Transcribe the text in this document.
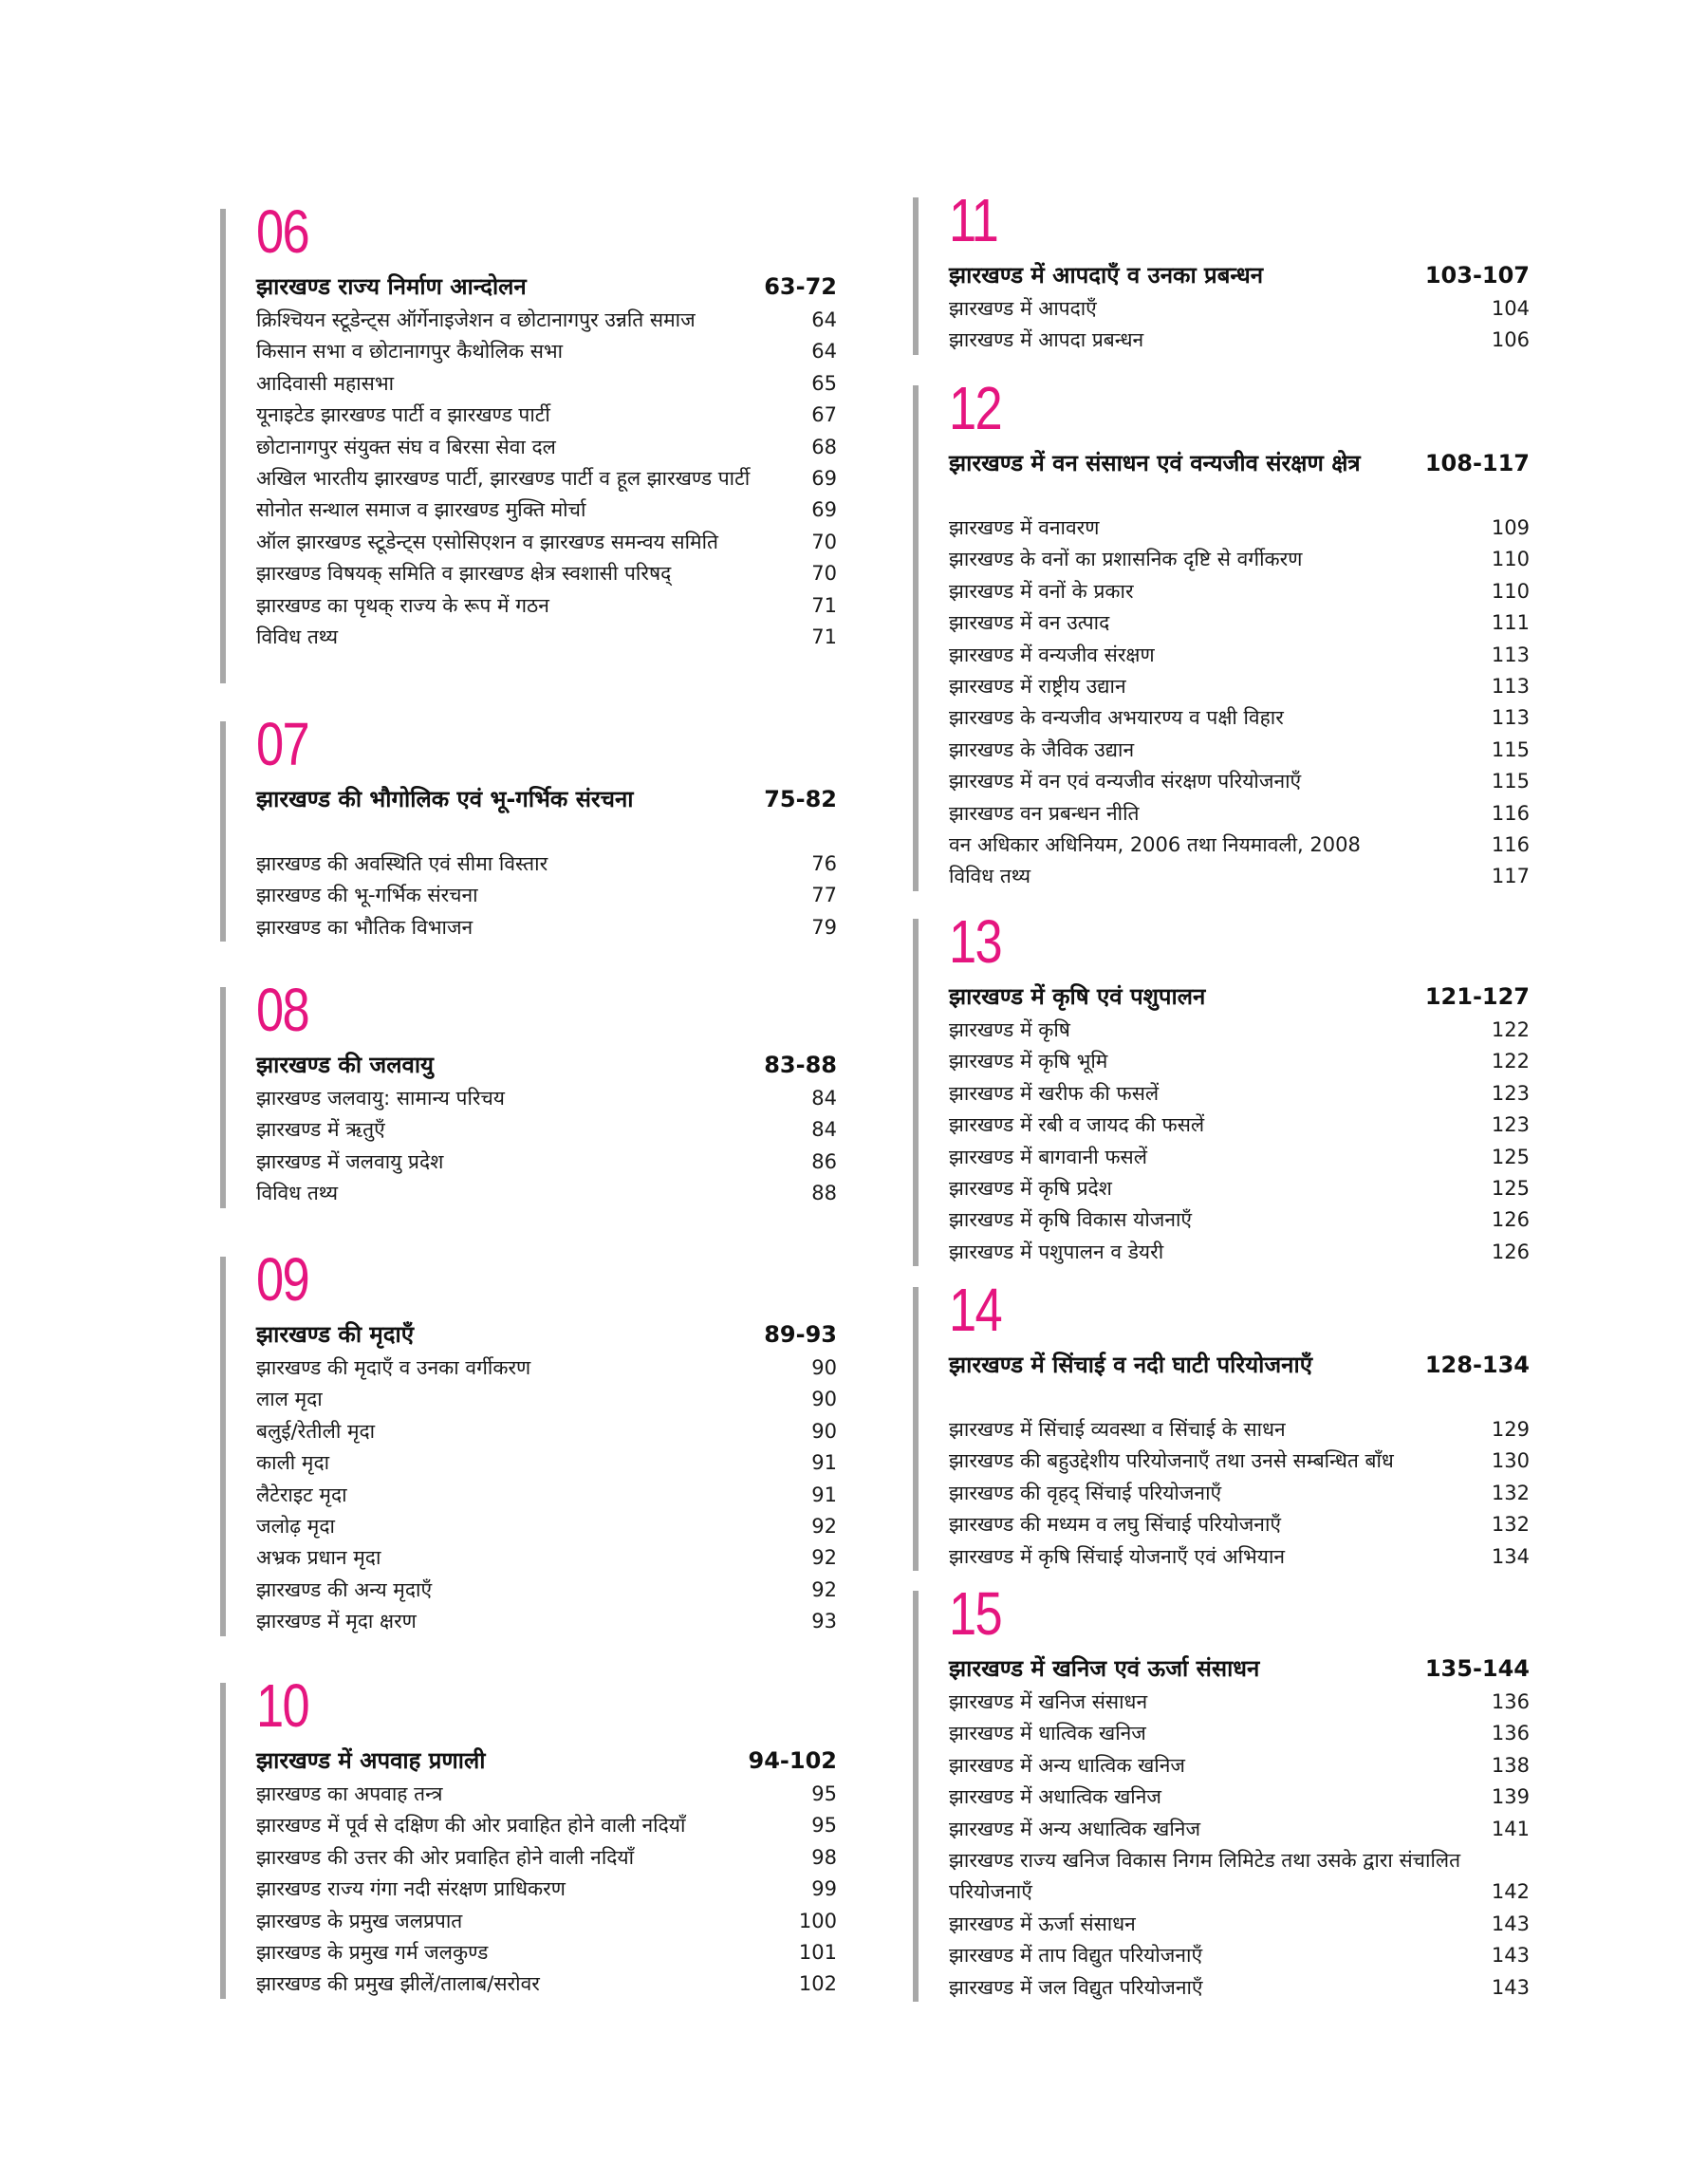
06
झारखण्ड राज्य निर्माण आन्दोलन	63-72
क्रिश्चियन स्टूडेन्ट्स ऑर्गेनाइजेशन व छोटानागपुर उन्नति समाज	64
किसान सभा व छोटानागपुर कैथोलिक सभा	64
आदिवासी महासभा	65
यूनाइटेड झारखण्ड पार्टी व झारखण्ड पार्टी	67
छोटानागपुर संयुक्त संघ व बिरसा सेवा दल	68
अखिल भारतीय झारखण्ड पार्टी, झारखण्ड पार्टी व हूल झारखण्ड पार्टी	69
सोनोत सन्थाल समाज व झारखण्ड मुक्ति मोर्चा	69
ऑल झारखण्ड स्टूडेन्ट्स एसोसिएशन व झारखण्ड समन्वय समिति	70
झारखण्ड विषयक् समिति व झारखण्ड क्षेत्र स्वशासी परिषद्	70
झारखण्ड का पृथक् राज्य के रूप में गठन	71
विविध तथ्य	71
07
झारखण्ड की भौगोलिक एवं भू-गर्भिक संरचना	75-82
झारखण्ड की अवस्थिति एवं सीमा विस्तार	76
झारखण्ड की भू-गर्भिक संरचना	77
झारखण्ड का भौतिक विभाजन	79
08
झारखण्ड की जलवायु	83-88
झारखण्ड जलवायु: सामान्य परिचय	84
झारखण्ड में ऋतुएँ	84
झारखण्ड में जलवायु प्रदेश	86
विविध तथ्य	88
09
झारखण्ड की मृदाएँ	89-93
झारखण्ड की मृदाएँ व उनका वर्गीकरण	90
लाल मृदा	90
बलुई/रेतीली मृदा	90
काली मृदा	91
लैटेराइट मृदा	91
जलोढ़ मृदा	92
अभ्रक प्रधान मृदा	92
झारखण्ड की अन्य मृदाएँ	92
झारखण्ड में मृदा क्षरण	93
10
झारखण्ड में अपवाह प्रणाली	94-102
झारखण्ड का अपवाह तन्त्र	95
झारखण्ड में पूर्व से दक्षिण की ओर प्रवाहित होने वाली नदियाँ	95
झारखण्ड की उत्तर की ओर प्रवाहित होने वाली नदियाँ	98
झारखण्ड राज्य गंगा नदी संरक्षण प्राधिकरण	99
झारखण्ड के प्रमुख जलप्रपात	100
झारखण्ड के प्रमुख गर्म जलकुण्ड	101
झारखण्ड की प्रमुख झीलें/तालाब/सरोवर	102
11
झारखण्ड में आपदाएँ व उनका प्रबन्धन	103-107
झारखण्ड में आपदाएँ	104
झारखण्ड में आपदा प्रबन्धन	106
12
झारखण्ड में वन संसाधन एवं वन्यजीव संरक्षण क्षेत्र	108-117
झारखण्ड में वनावरण	109
झारखण्ड के वनों का प्रशासनिक दृष्टि से वर्गीकरण	110
झारखण्ड में वनों के प्रकार	110
झारखण्ड में वन उत्पाद	111
झारखण्ड में वन्यजीव संरक्षण	113
झारखण्ड में राष्ट्रीय उद्यान	113
झारखण्ड के वन्यजीव अभयारण्य व पक्षी विहार	113
झारखण्ड के जैविक उद्यान	115
झारखण्ड में वन एवं वन्यजीव संरक्षण परियोजनाएँ	115
झारखण्ड वन प्रबन्धन नीति	116
वन अधिकार अधिनियम, 2006 तथा नियमावली, 2008	116
विविध तथ्य	117
13
झारखण्ड में कृषि एवं पशुपालन	121-127
झारखण्ड में कृषि	122
झारखण्ड में कृषि भूमि	122
झारखण्ड में खरीफ की फसलें	123
झारखण्ड में रबी व जायद की फसलें	123
झारखण्ड में बागवानी फसलें	125
झारखण्ड में कृषि प्रदेश	125
झारखण्ड में कृषि विकास योजनाएँ	126
झारखण्ड में पशुपालन व डेयरी	126
14
झारखण्ड में सिंचाई व नदी घाटी परियोजनाएँ	128-134
झारखण्ड में सिंचाई व्यवस्था व सिंचाई के साधन	129
झारखण्ड की बहुउद्देशीय परियोजनाएँ तथा उनसे सम्बन्धित बाँध	130
झारखण्ड की वृहद् सिंचाई परियोजनाएँ	132
झारखण्ड की मध्यम व लघु सिंचाई परियोजनाएँ	132
झारखण्ड में कृषि सिंचाई योजनाएँ एवं अभियान	134
15
झारखण्ड में खनिज एवं ऊर्जा संसाधन	135-144
झारखण्ड में खनिज संसाधन	136
झारखण्ड में धात्विक खनिज	136
झारखण्ड में अन्य धात्विक खनिज	138
झारखण्ड में अधात्विक खनिज	139
झारखण्ड में अन्य अधात्विक खनिज	141
झारखण्ड राज्य खनिज विकास निगम लिमिटेड तथा उसके द्वारा संचालित परियोजनाएँ	142
झारखण्ड में ऊर्जा संसाधन	143
झारखण्ड में ताप विद्युत परियोजनाएँ	143
झारखण्ड में जल विद्युत परियोजनाएँ	143
